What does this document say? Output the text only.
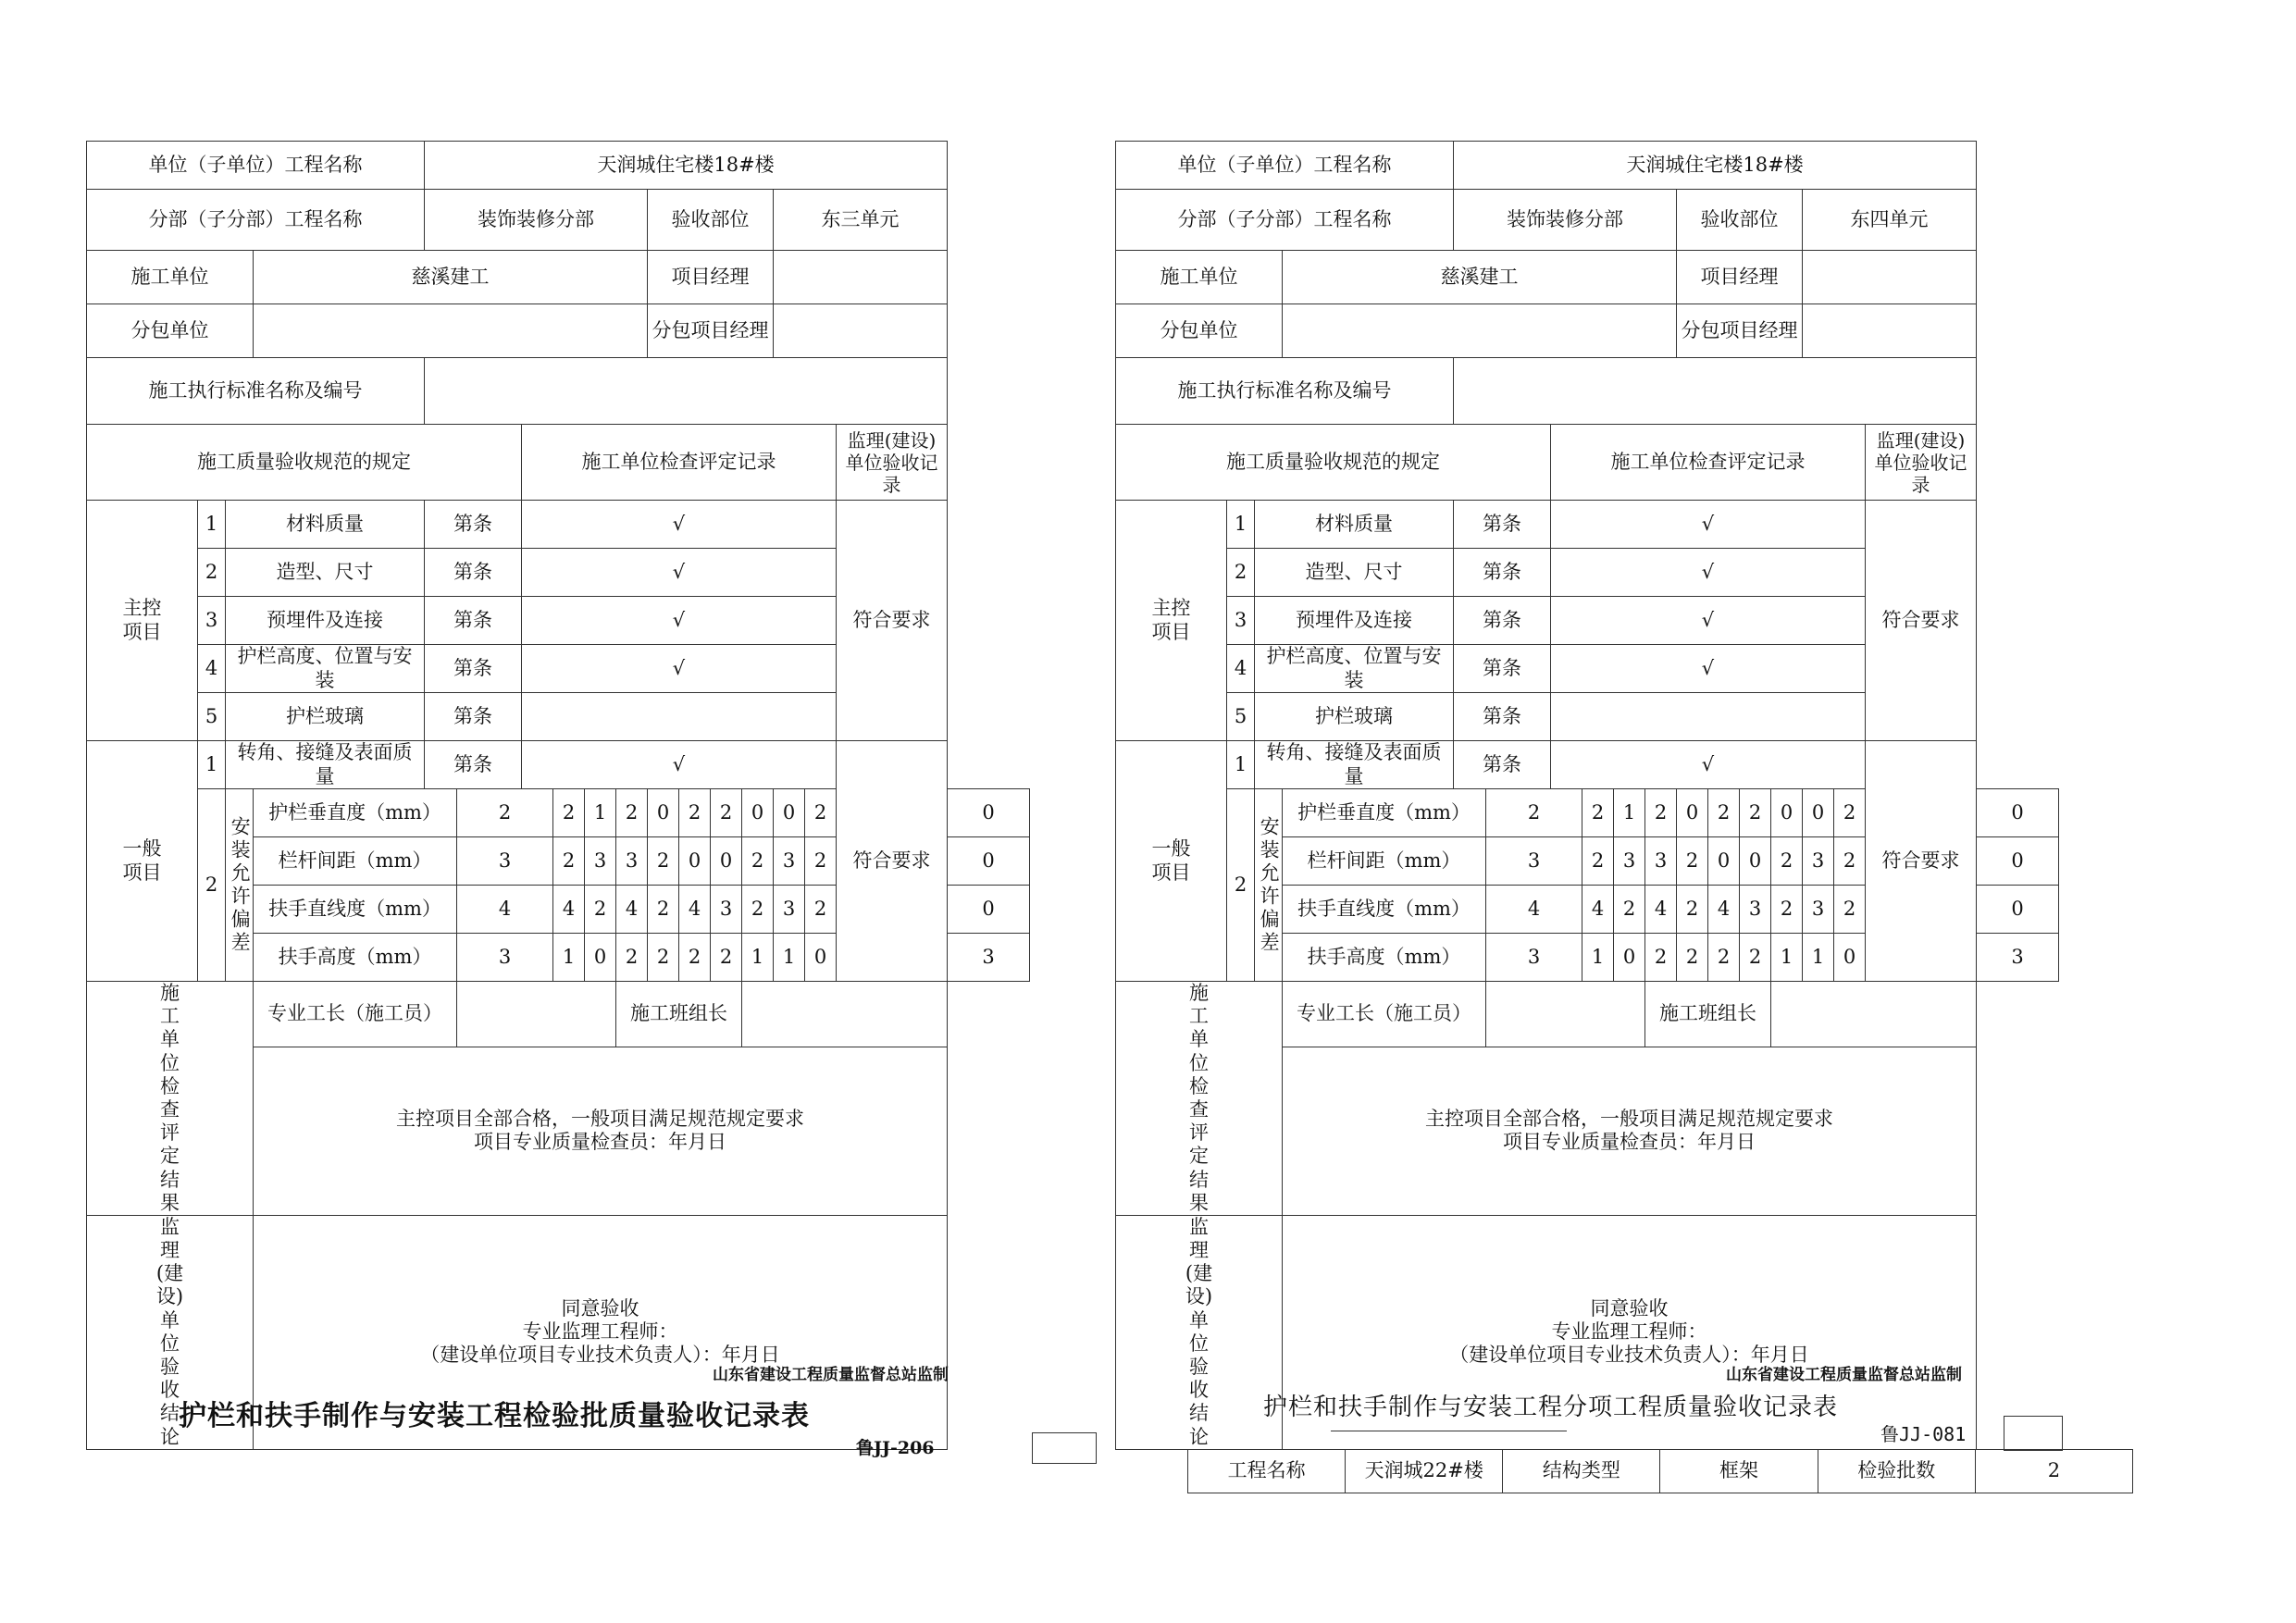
单位（子单位）工程名称				天润城住宅楼18#楼													
分部（子分部）工程名称				装饰装修分部						验收部位				东三单元			
施工单位			慈溪建工							项目经理							
分包单位										分包项目经理							
施工执行标准名称及编号																	
施工质量验收规范的规定						施工单位检查评定记录										监理(建设)单位验收记录	
主控项目	1	材料质量		第条		√										符合要求	
	2	造型、尺寸		第条		√											
	3	预埋件及连接		第条		√											
	4	护栏高度、位置与安装		第条		√											
	5	护栏玻璃		第条													
一般项目	1	转角、接缝及表面质量		第条		√										符合要求	
	2	安装允许偏差	护栏垂直度（mm）		2		2	1	2	0	2	2	0	0	2		0
			栏杆间距（mm）		3		2	3	3	2	0	0	2	3	2		0
			扶手直线度（mm）		4		4	2	4	2	4	3	2	3	2		0
			扶手高度（mm）		3		1	0	2	2	2	2	1	1	0		3
施工单位检查评定结果			专业工长（施工员）						施工班组长								

			主控项目全部合格，一般项目满足规范规定要求
项目专业质量检查员：年月日														

监理(建设)单位验收结论			同意验收
专业监理工程师：
（建设单位项目专业技术负责人）：年月日														
单位（子单位）工程名称				天润城住宅楼18#楼													
分部（子分部）工程名称				装饰装修分部						验收部位				东四单元			
施工单位			慈溪建工							项目经理							
分包单位										分包项目经理							
施工执行标准名称及编号																	
施工质量验收规范的规定						施工单位检查评定记录										监理(建设)单位验收记录	
主控项目	1	材料质量		第条		√										符合要求	
	2	造型、尺寸		第条		√											
	3	预埋件及连接		第条		√											
	4	护栏高度、位置与安装		第条		√											
	5	护栏玻璃		第条													
一般项目	1	转角、接缝及表面质量		第条		√										符合要求	
	2	安装允许偏差	护栏垂直度（mm）		2		2	1	2	0	2	2	0	0	2		0
			栏杆间距（mm）		3		2	3	3	2	0	0	2	3	2		0
			扶手直线度（mm）		4		4	2	4	2	4	3	2	3	2		0
			扶手高度（mm）		3		1	0	2	2	2	2	1	1	0		3
施工单位检查评定结果			专业工长（施工员）						施工班组长								

			主控项目全部合格，一般项目满足规范规定要求
项目专业质量检查员：年月日														

监理(建设)单位验收结论			同意验收
专业监理工程师：
（建设单位项目专业技术负责人）：年月日														
山东省建设工程质量监督总站监制	山东省建设工程质量监督总站监制
护栏和扶手制作与安装工程检验批质量验收记录表
鲁JJ-206
护栏和扶手制作与安装工程分项工程质量验收记录表
鲁JJ-081
工程名称	天润城22#楼	结构类型	框架	检验批数	2
